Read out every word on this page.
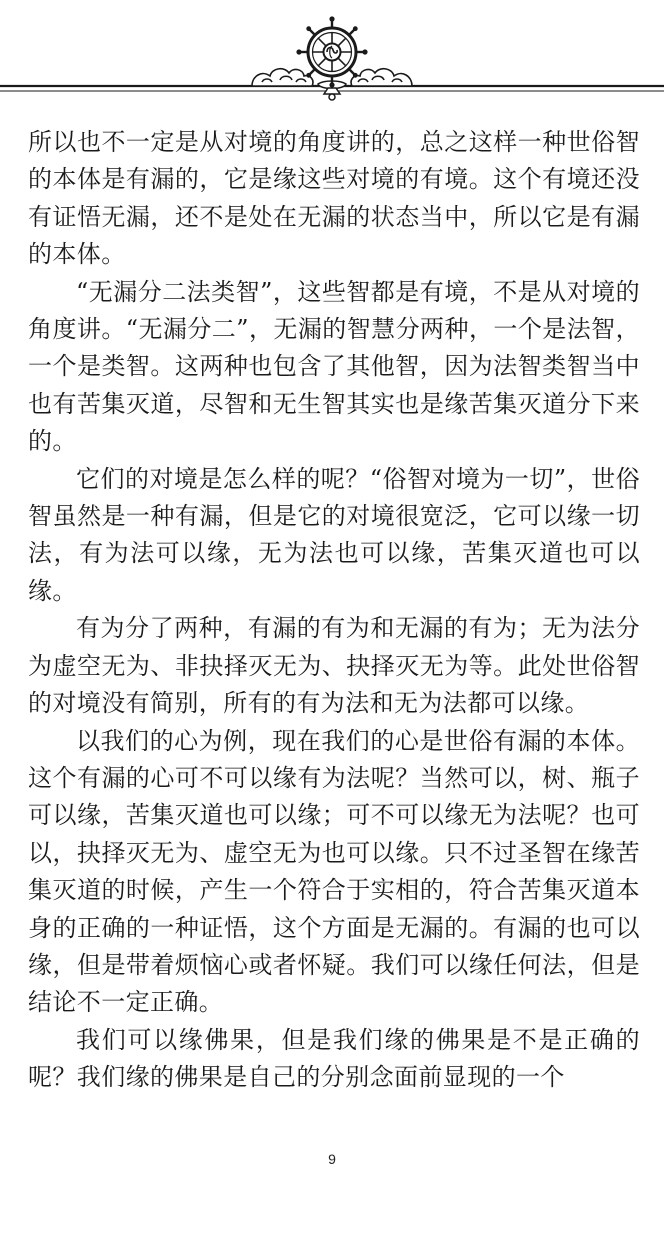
所以也不一定是从对境的角度讲的，总之这样一种世俗智的本体是有漏的，它是缘这些对境的有境。这个有境还没有证悟无漏，还不是处在无漏的状态当中，所以它是有漏的本体。

“无漏分二法类智”，这些智都是有境，不是从对境的角度讲。“无漏分二”，无漏的智慧分两种，一个是法智，一个是类智。这两种也包含了其他智，因为法智类智当中也有苦集灭道，尽智和无生智其实也是缘苦集灭道分下来的。

它们的对境是怎么样的呢？“俗智对境为一切”，世俗智虽然是一种有漏，但是它的对境很宽泛，它可以缘一切法，有为法可以缘，无为法也可以缘，苦集灭道也可以缘。

有为分了两种，有漏的有为和无漏的有为；无为法分为虚空无为、非抉择灭无为、抉择灭无为等。此处世俗智的对境没有简别，所有的有为法和无为法都可以缘。

以我们的心为例，现在我们的心是世俗有漏的本体。这个有漏的心可不可以缘有为法呢？当然可以，树、瓶子可以缘，苦集灭道也可以缘；可不可以缘无为法呢？也可以，抉择灭无为、虚空无为也可以缘。只不过圣智在缘苦集灭道的时候，产生一个符合于实相的，符合苦集灭道本身的正确的一种证悟，这个方面是无漏的。有漏的也可以缘，但是带着烦恼心或者怀疑。我们可以缘任何法，但是结论不一定正确。

我们可以缘佛果，但是我们缘的佛果是不是正确的呢？我们缘的佛果是自己的分别念面前显现的一个

9
